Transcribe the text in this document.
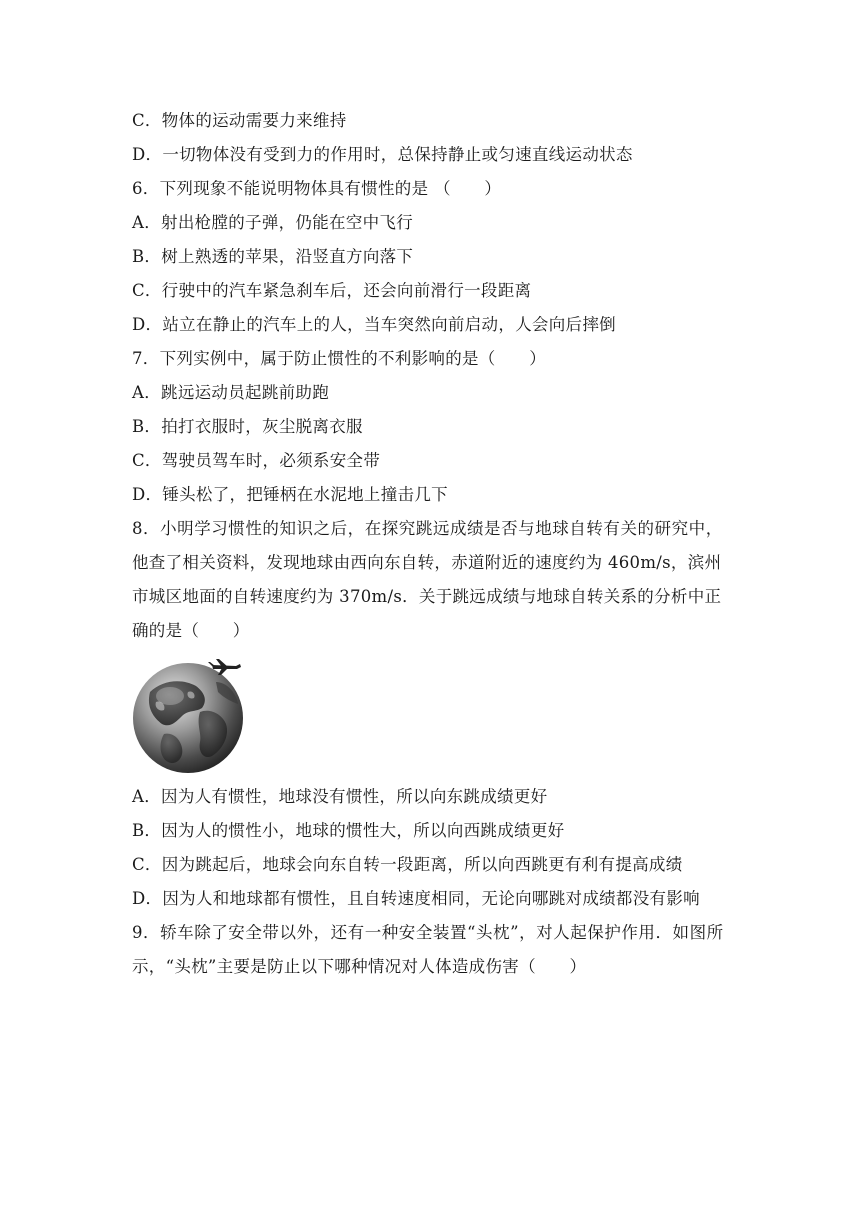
C．物体的运动需要力来维持
D．一切物体没有受到力的作用时，总保持静止或匀速直线运动状态
6．下列现象不能说明物体具有惯性的是 （　　）
A．射出枪膛的子弹，仍能在空中飞行
B．树上熟透的苹果，沿竖直方向落下
C．行驶中的汽车紧急刹车后，还会向前滑行一段距离
D．站立在静止的汽车上的人，当车突然向前启动，人会向后摔倒
7．下列实例中，属于防止惯性的不利影响的是（　　）
A．跳远运动员起跳前助跑
B．拍打衣服时，灰尘脱离衣服
C．驾驶员驾车时，必须系安全带
D．锤头松了，把锤柄在水泥地上撞击几下
8．小明学习惯性的知识之后，在探究跳远成绩是否与地球自转有关的研究中，
他查了相关资料，发现地球由西向东自转，赤道附近的速度约为 460m/s，滨州
市城区地面的自转速度约为 370m/s．关于跳远成绩与地球自转关系的分析中正
确的是（　　）
A．因为人有惯性，地球没有惯性，所以向东跳成绩更好
B．因为人的惯性小，地球的惯性大，所以向西跳成绩更好
C．因为跳起后，地球会向东自转一段距离，所以向西跳更有利有提高成绩
D．因为人和地球都有惯性，且自转速度相同，无论向哪跳对成绩都没有影响
9．轿车除了安全带以外，还有一种安全装置“头枕”，对人起保护作用．如图所
示，“头枕”主要是防止以下哪种情况对人体造成伤害（　　）
